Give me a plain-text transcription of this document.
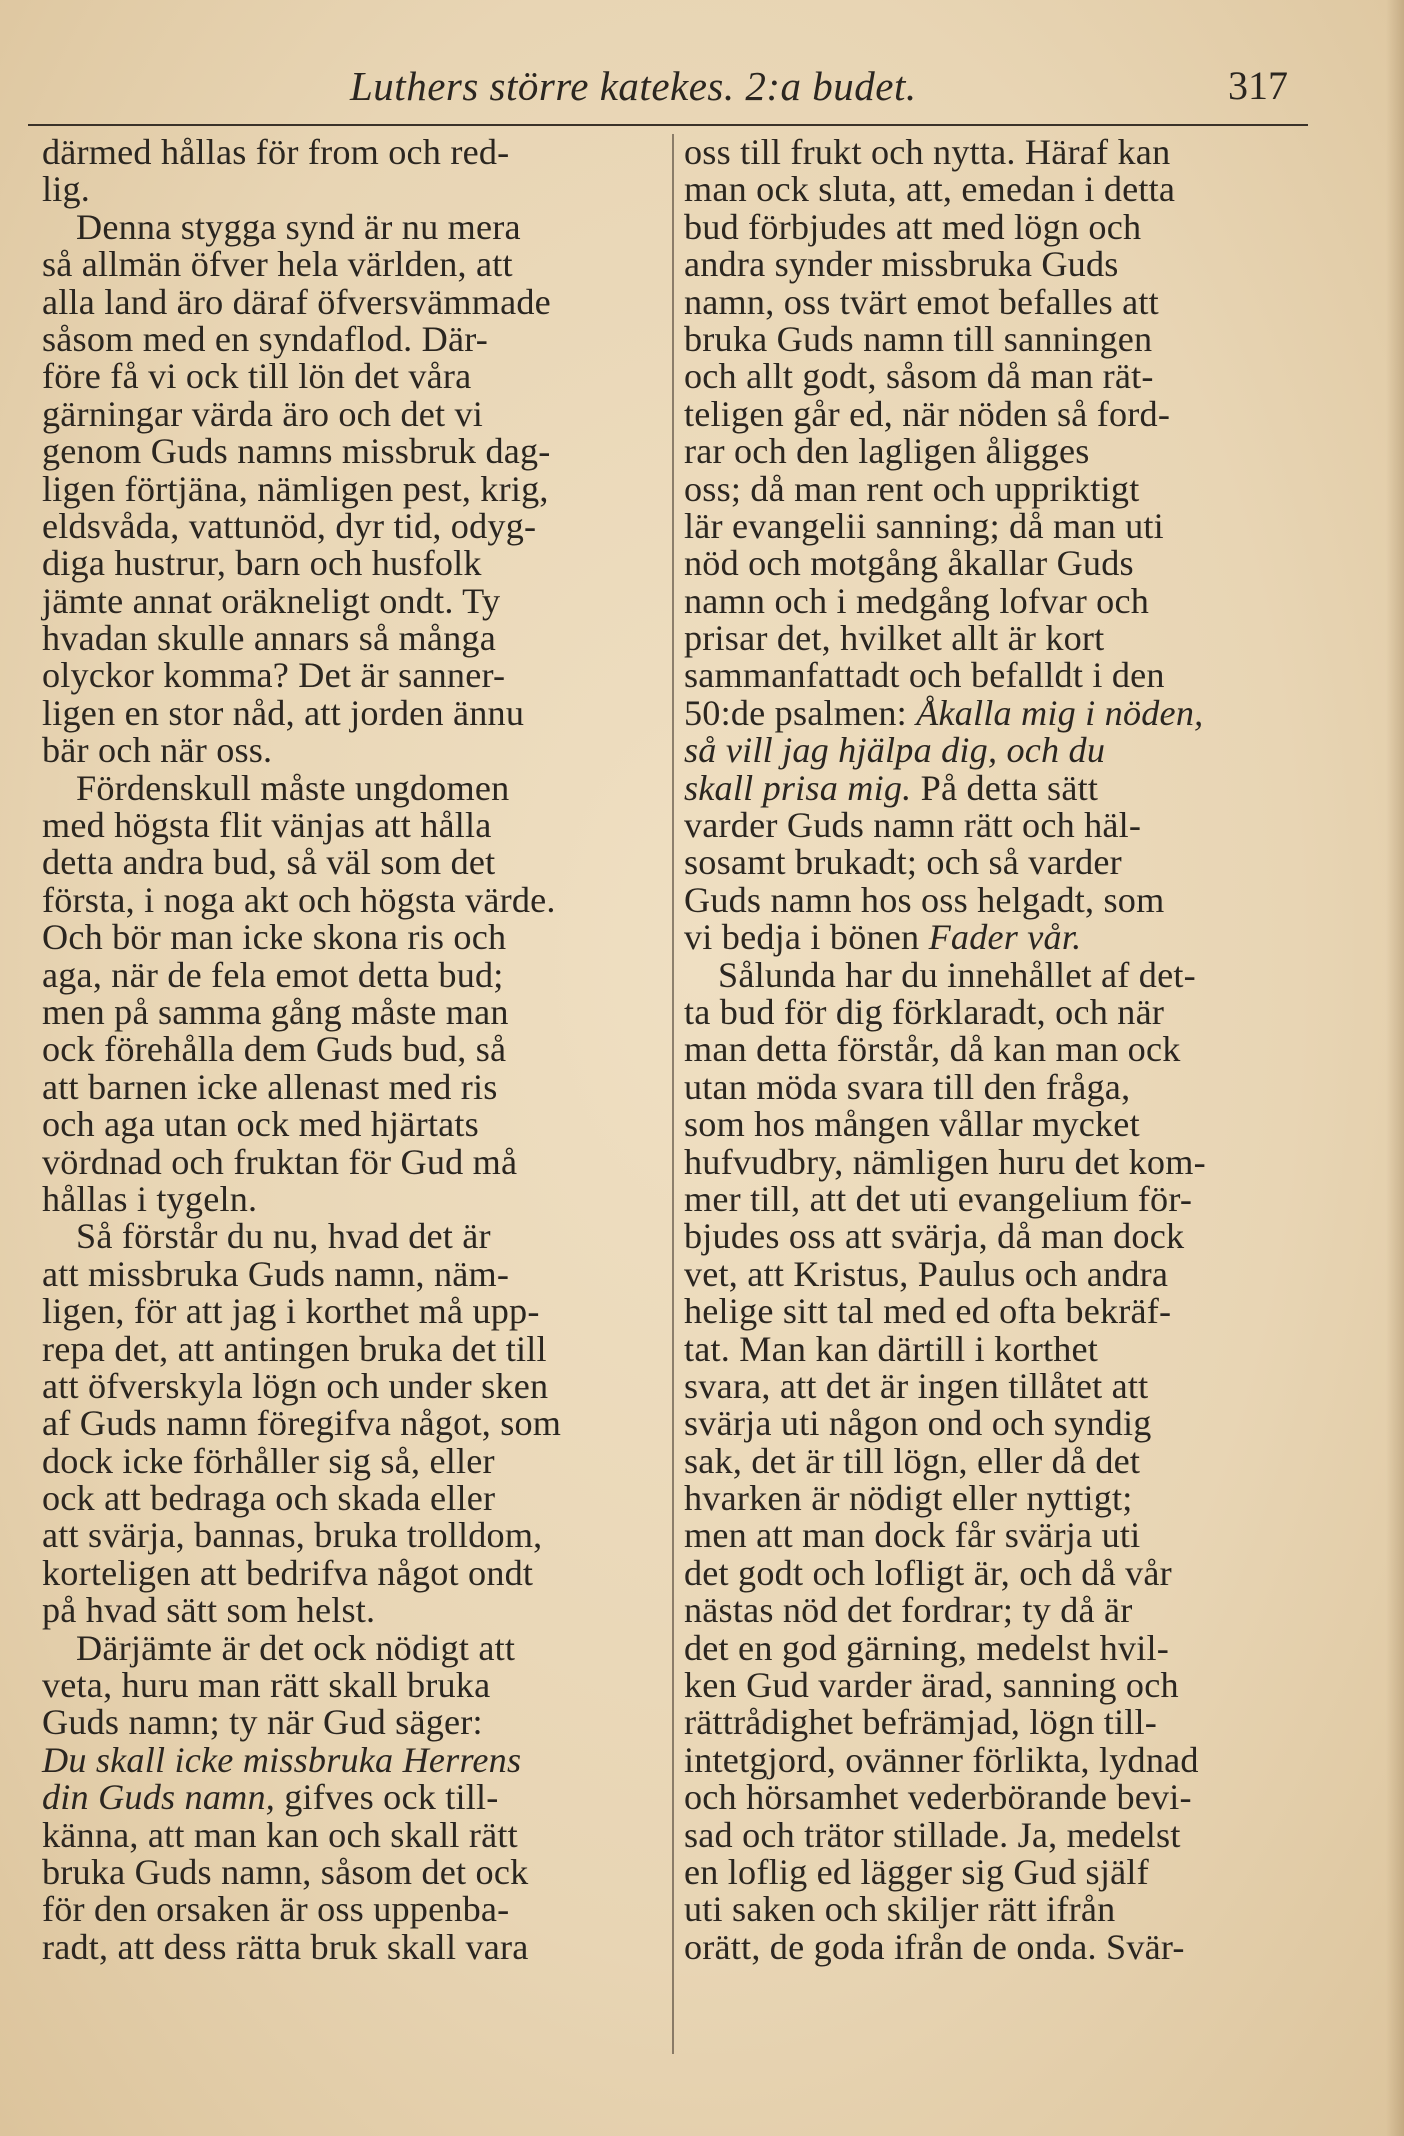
Luthers större katekes. 2:a budet.	317
därmed hållas för from och red-
lig.
Denna stygga synd är nu mera
så allmän öfver hela världen, att
alla land äro däraf öfversvämmade
såsom med en syndaflod. Där-
före få vi ock till lön det våra
gärningar värda äro och det vi
genom Guds namns missbruk dag-
ligen förtjäna, nämligen pest, krig,
eldsvåda, vattunöd, dyr tid, odyg-
diga hustrur, barn och husfolk
jämte annat oräkneligt ondt. Ty
hvadan skulle annars så många
olyckor komma? Det är sanner-
ligen en stor nåd, att jorden ännu
bär och när oss.
Fördenskull måste ungdomen
med högsta flit vänjas att hålla
detta andra bud, så väl som det
första, i noga akt och högsta värde.
Och bör man icke skona ris och
aga, när de fela emot detta bud;
men på samma gång måste man
ock förehålla dem Guds bud, så
att barnen icke allenast med ris
och aga utan ock med hjärtats
vördnad och fruktan för Gud må
hållas i tygeln.
Så förstår du nu, hvad det är
att missbruka Guds namn, näm-
ligen, för att jag i korthet må upp-
repa det, att antingen bruka det till
att öfverskyla lögn och under sken
af Guds namn föregifva något, som
dock icke förhåller sig så, eller
ock att bedraga och skada eller
att svärja, bannas, bruka trolldom,
korteligen att bedrifva något ondt
på hvad sätt som helst.
Därjämte är det ock nödigt att
veta, huru man rätt skall bruka
Guds namn; ty när Gud säger:
Du skall icke missbruka Herrens
din Guds namn, gifves ock till-
känna, att man kan och skall rätt
bruka Guds namn, såsom det ock
för den orsaken är oss uppenba-
radt, att dess rätta bruk skall vara
oss till frukt och nytta. Häraf kan
man ock sluta, att, emedan i detta
bud förbjudes att med lögn och
andra synder missbruka Guds
namn, oss tvärt emot befalles att
bruka Guds namn till sanningen
och allt godt, såsom då man rät-
teligen går ed, när nöden så ford-
rar och den lagligen åligges
oss; då man rent och uppriktigt
lär evangelii sanning; då man uti
nöd och motgång åkallar Guds
namn och i medgång lofvar och
prisar det, hvilket allt är kort
sammanfattadt och befalldt i den
50:de psalmen: Åkalla mig i nöden,
så vill jag hjälpa dig, och du
skall prisa mig. På detta sätt
varder Guds namn rätt och häl-
sosamt brukadt; och så varder
Guds namn hos oss helgadt, som
vi bedja i bönen Fader vår.
Sålunda har du innehållet af det-
ta bud för dig förklaradt, och när
man detta förstår, då kan man ock
utan möda svara till den fråga,
som hos mången vållar mycket
hufvudbry, nämligen huru det kom-
mer till, att det uti evangelium för-
bjudes oss att svärja, då man dock
vet, att Kristus, Paulus och andra
helige sitt tal med ed ofta bekräf-
tat. Man kan därtill i korthet
svara, att det är ingen tillåtet att
svärja uti någon ond och syndig
sak, det är till lögn, eller då det
hvarken är nödigt eller nyttigt;
men att man dock får svärja uti
det godt och lofligt är, och då vår
nästas nöd det fordrar; ty då är
det en god gärning, medelst hvil-
ken Gud varder ärad, sanning och
rättrådighet befrämjad, lögn till-
intetgjord, ovänner förlikta, lydnad
och hörsamhet vederbörande bevi-
sad och trätor stillade. Ja, medelst
en loflig ed lägger sig Gud själf
uti saken och skiljer rätt ifrån
orätt, de goda ifrån de onda. Svär-
